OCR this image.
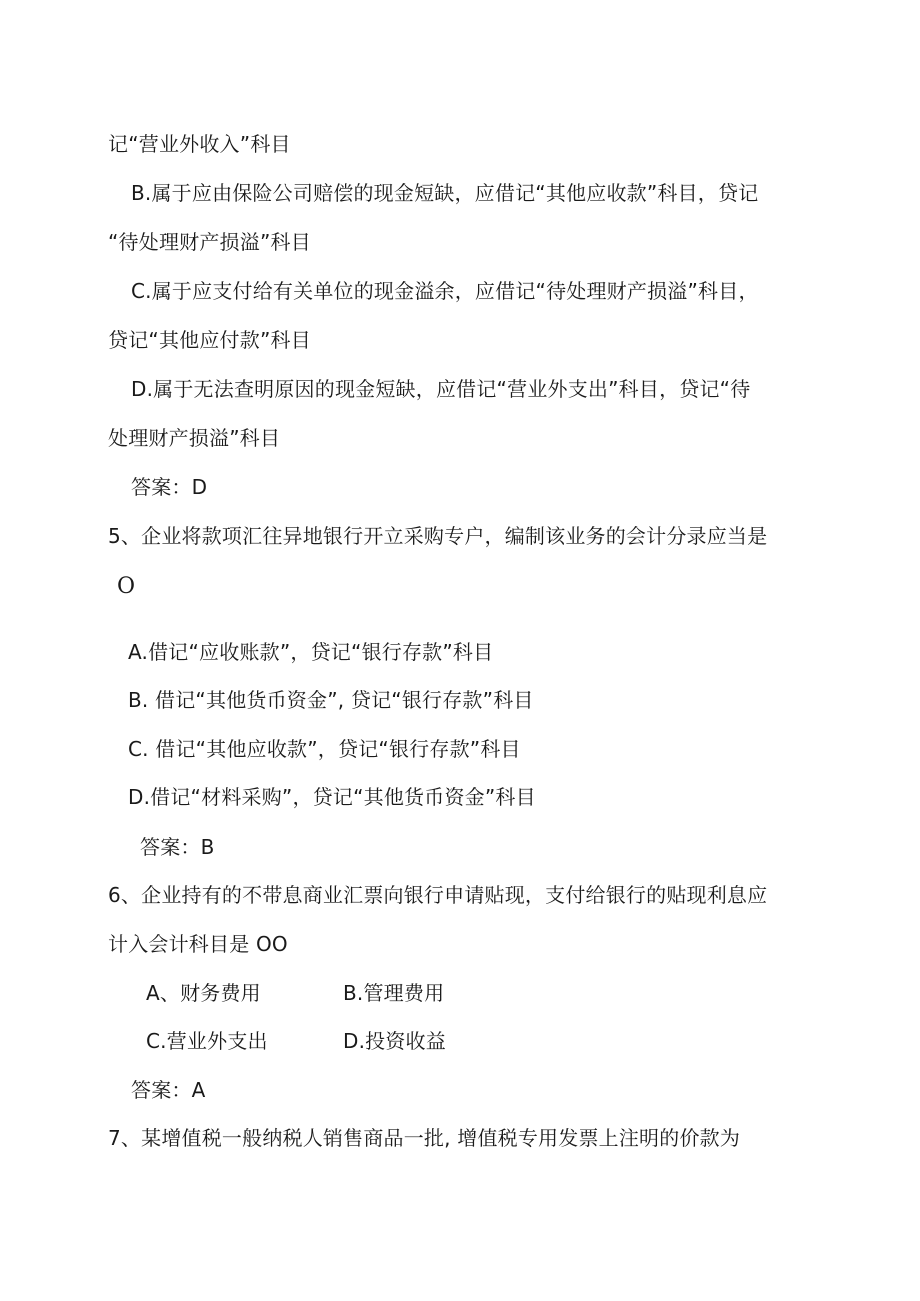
记“营业外收入”科目
B.属于应由保险公司赔偿的现金短缺，应借记“其他应收款”科目，贷记
“待处理财产损溢”科目
C.属于应支付给有关单位的现金溢余，应借记“待处理财产损溢”科目，
贷记“其他应付款”科目
D.属于无法查明原因的现金短缺，应借记“营业外支出”科目，贷记“待
处理财产损溢”科目
答案：D
5、企业将款项汇往异地银行开立采购专户，编制该业务的会计分录应当是
O
A.借记“应收账款”，贷记“银行存款”科目
B. 借记“其他货币资金”, 贷记“银行存款”科目
C. 借记“其他应收款”，贷记“银行存款”科目
D.借记“材料采购”，贷记“其他货币资金”科目
答案：B
6、企业持有的不带息商业汇票向银行申请贴现，支付给银行的贴现利息应
计入会计科目是 OO
A、财务费用	B.管理费用
C.营业外支出	D.投资收益
答案：A
7、某增值税一般纳税人销售商品一批, 增值税专用发票上注明的价款为
